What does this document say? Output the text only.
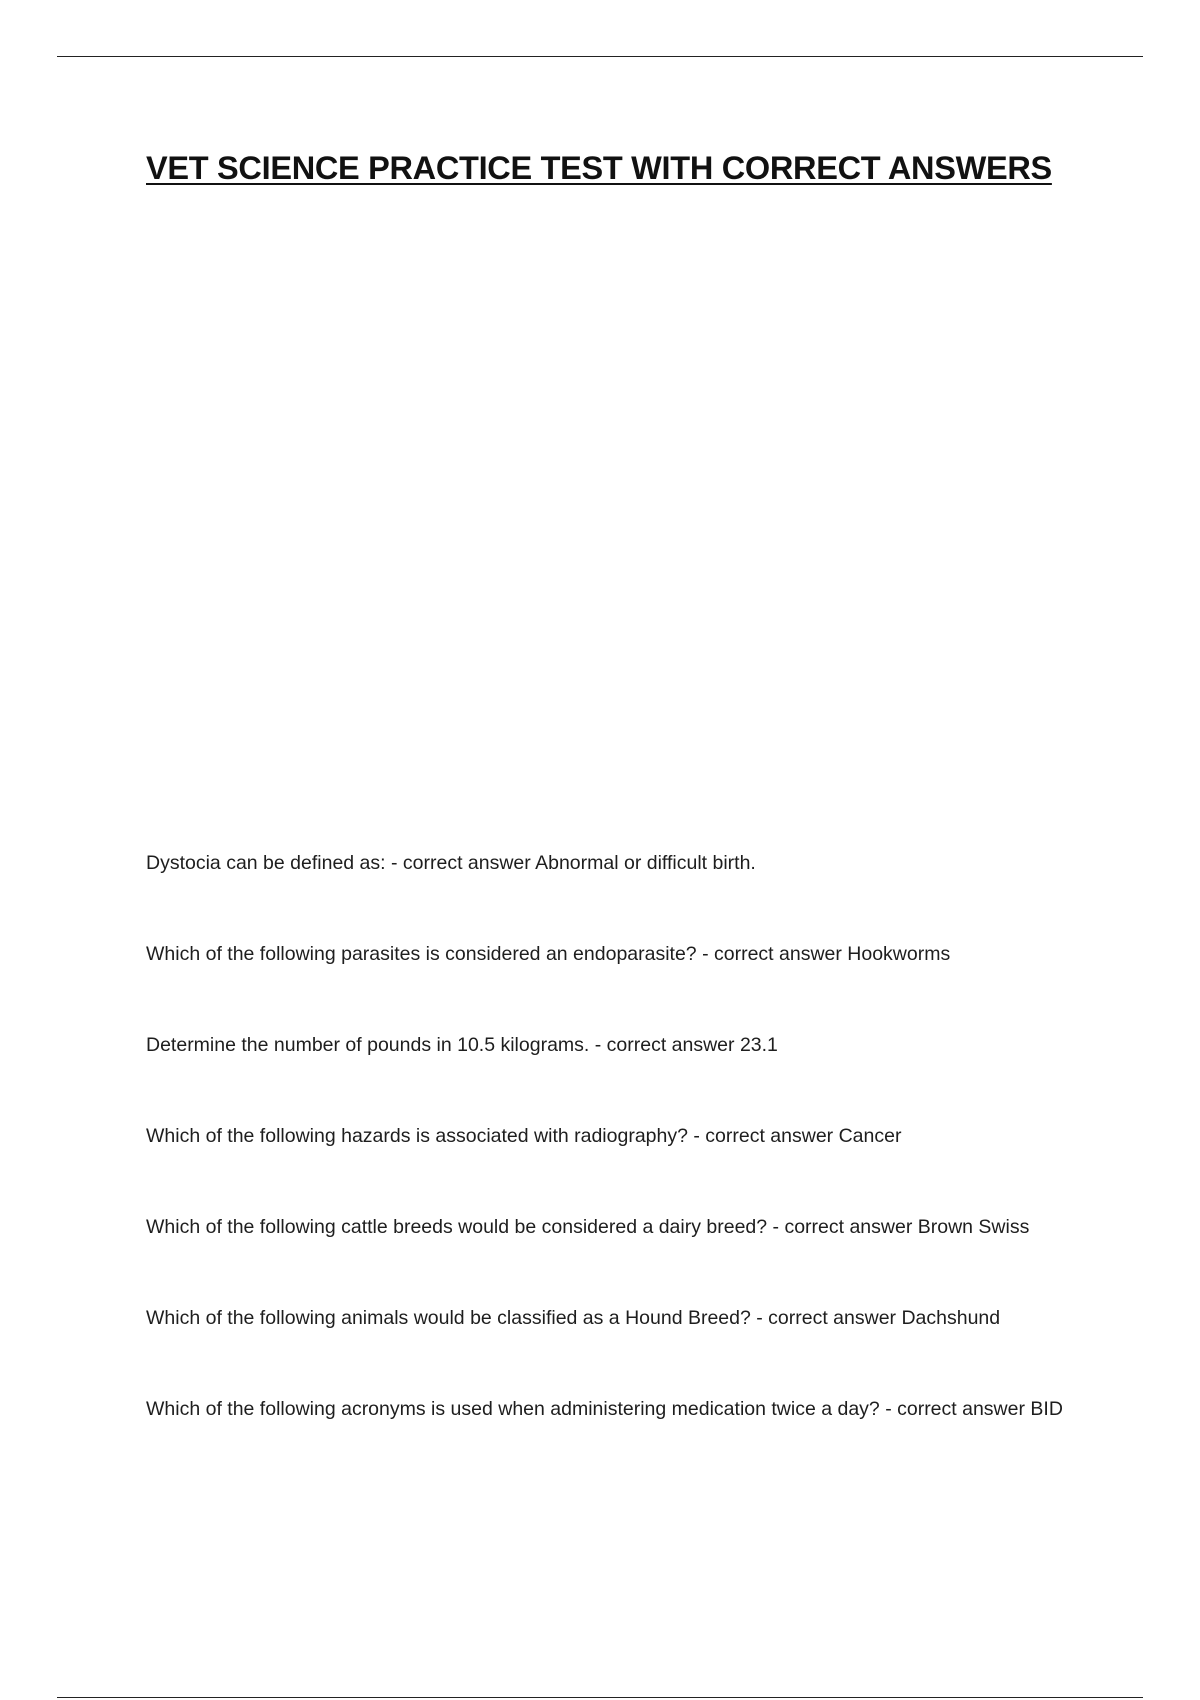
VET SCIENCE PRACTICE TEST WITH CORRECT ANSWERS
Dystocia can be defined as: - correct answer Abnormal or difficult birth.
Which of the following parasites is considered an endoparasite? - correct answer Hookworms
Determine the number of pounds in 10.5 kilograms. - correct answer 23.1
Which of the following hazards is associated with radiography? - correct answer Cancer
Which of the following cattle breeds would be considered a dairy breed? - correct answer Brown Swiss
Which of the following animals would be classified as a Hound Breed? - correct answer Dachshund
Which of the following acronyms is used when administering medication twice a day? - correct answer BID
